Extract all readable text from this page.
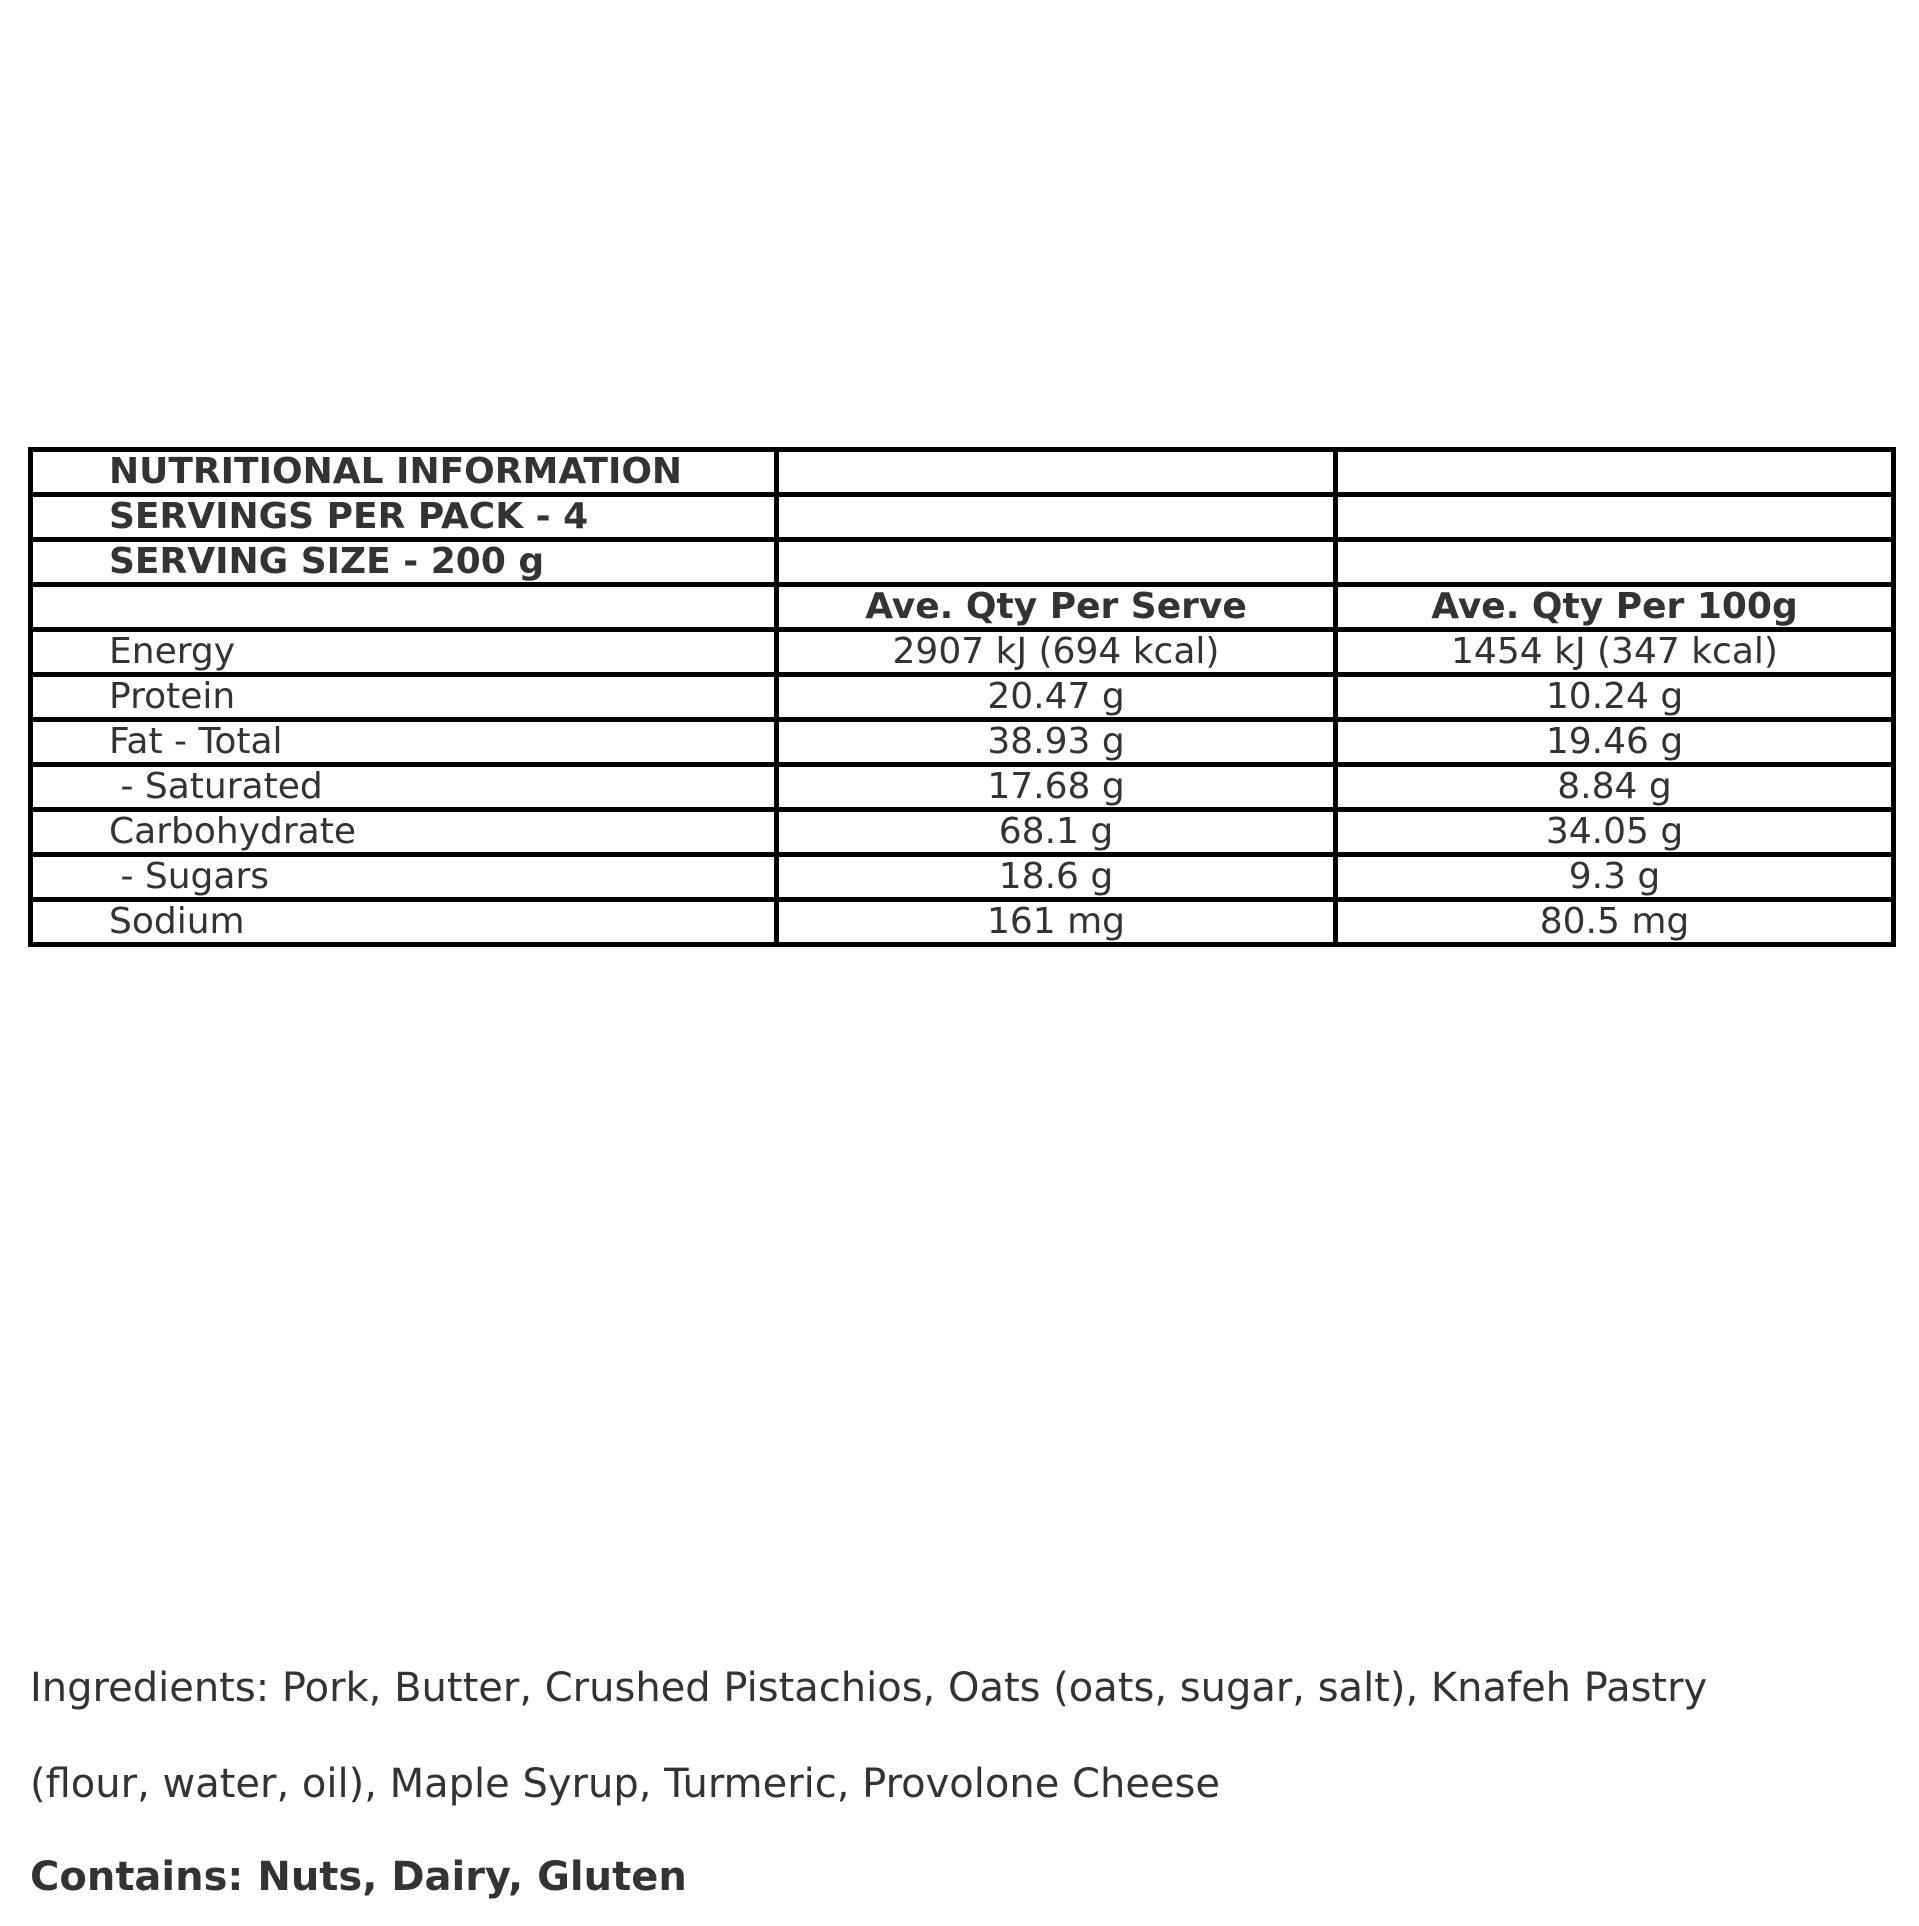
NUTRITIONAL INFORMATION		
SERVINGS PER PACK - 4		
SERVING SIZE - 200 g		
	Ave. Qty Per Serve	Ave. Qty Per 100g
Energy	2907 kJ (694 kcal)	1454 kJ (347 kcal)
Protein	20.47 g	10.24 g
Fat - Total	38.93 g	19.46 g
- Saturated	17.68 g	8.84 g
Carbohydrate	68.1 g	34.05 g
- Sugars	18.6 g	9.3 g
Sodium	161 mg	80.5 mg
Ingredients: Pork, Butter, Crushed Pistachios, Oats (oats, sugar, salt), Knafeh Pastry
(flour, water, oil), Maple Syrup, Turmeric, Provolone Cheese
Contains: Nuts, Dairy, Gluten
